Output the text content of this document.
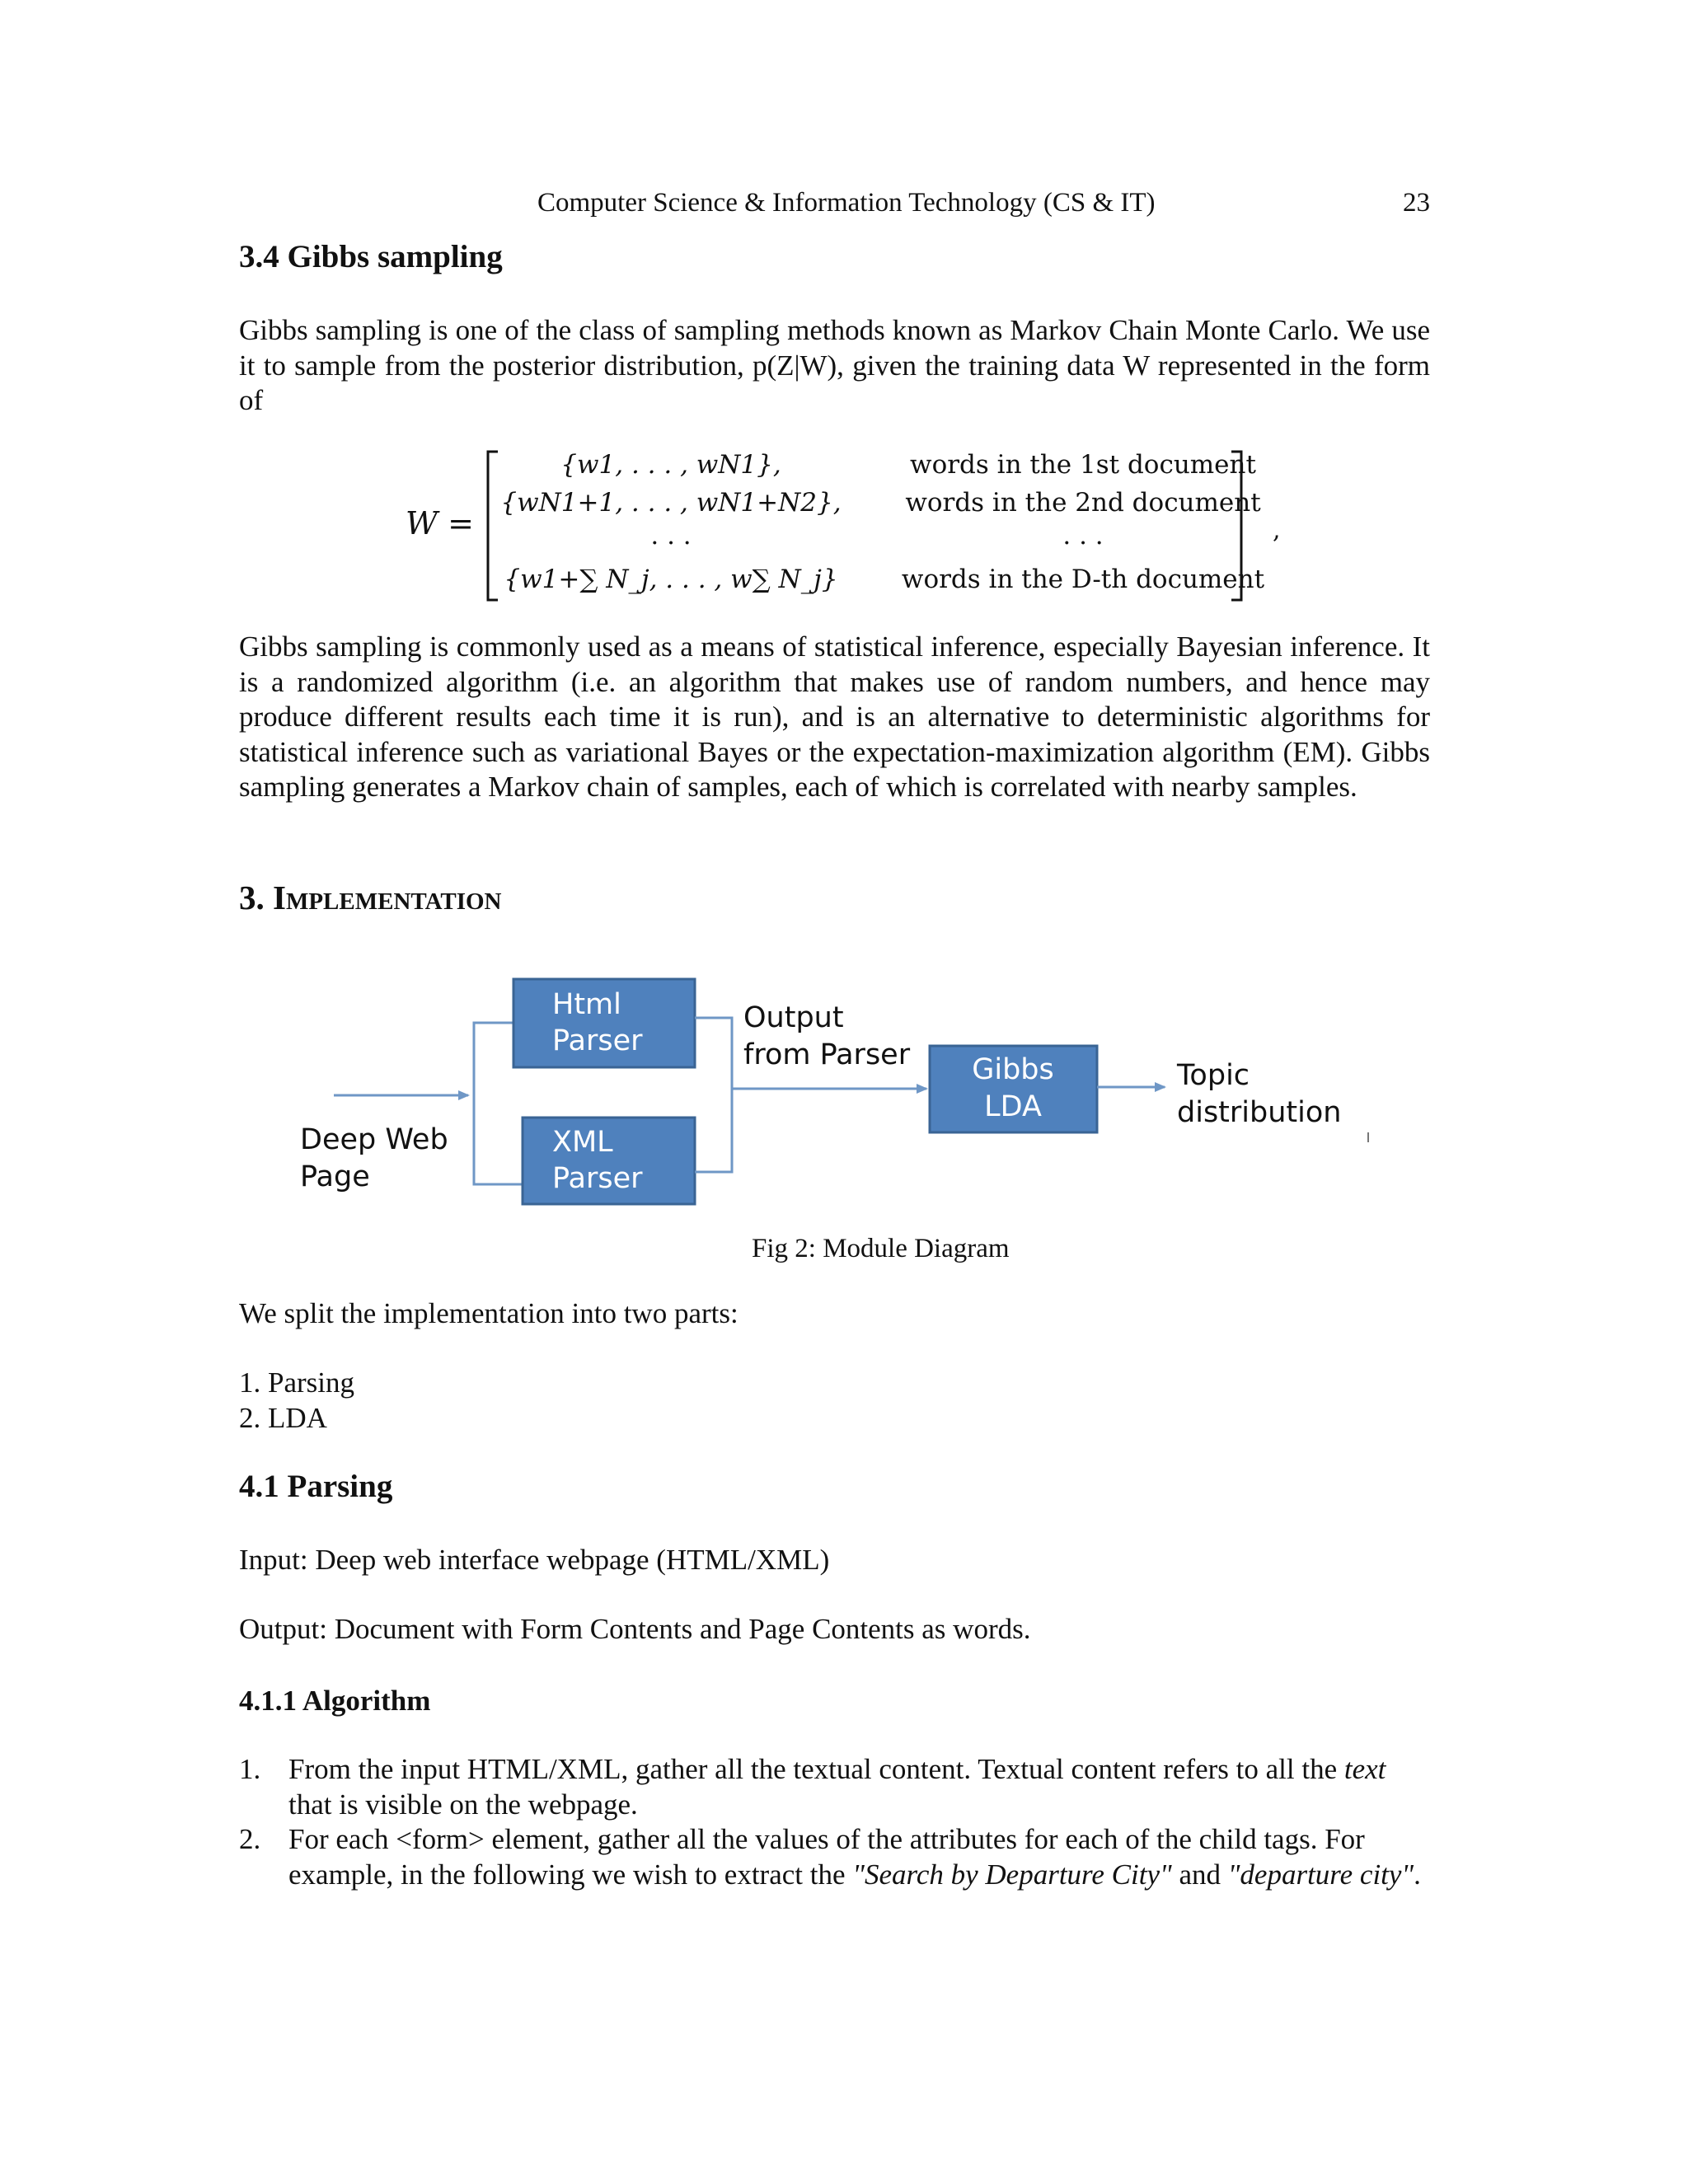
Computer Science & Information Technology (CS & IT)	23
3.4 Gibbs sampling

Gibbs sampling is one of the class of sampling methods known as Markov Chain Monte Carlo. We use it to sample from the posterior distribution, p(Z|W), given the training data W represented in the form of

W =	,
{w1, . . . , wN1},	words in the 1st document
{wN1+1, . . . , wN1+N2},	words in the 2nd document
. . .	. . .
{w1+∑ N_j, . . . , w∑ N_j} words in the D-th document

Gibbs sampling is commonly used as a means of statistical inference, especially Bayesian inference. It is a randomized algorithm (i.e. an algorithm that makes use of random numbers, and hence may produce different results each time it is run), and is an alternative to deterministic algorithms for statistical inference such as variational Bayes or the expectation-maximization algorithm (EM). Gibbs sampling generates a Markov chain of samples, each of which is correlated with nearby samples.

3. Implementation
Html
Parser
XML
Parser
Gibbs
LDA
Topic
distribution
Output
from Parser
Deep Web
Page
Fig 2: Module Diagram

We split the implementation into two parts:

1. Parsing
2. LDA
4.1 Parsing

Input: Deep web interface webpage (HTML/XML)

Output: Document with Form Contents and Page Contents as words.

4.1.1 Algorithm
1. From the input HTML/XML, gather all the textual content. Textual content refers to all the text that is visible on the webpage.
2. For each <form> element, gather all the values of the attributes for each of the child tags. For example, in the following we wish to extract the "Search by Departure City" and "departure city".
